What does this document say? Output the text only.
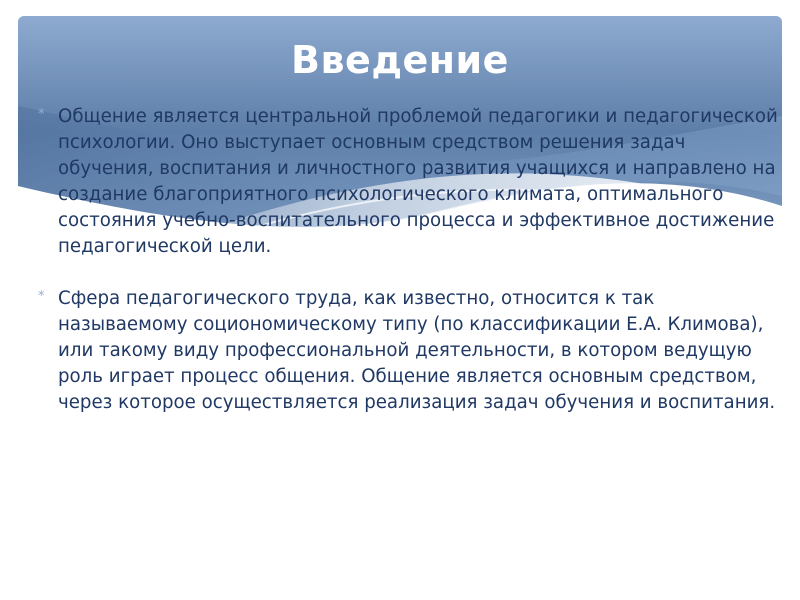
Введение

* Общение является центральной проблемой педагогики и педагогической психологии. Оно выступает основным средством решения задач обучения, воспитания и личностного развития учащихся и направлено на создание благоприятного психологического климата, оптимального состояния учебно-воспитательного процесса и эффективное достижение педагогической цели.

* Сфера педагогического труда, как известно, относится к так называемому социономическому типу (по классификации Е.А. Климова), или такому виду профессиональной деятельности, в котором ведущую роль играет процесс общения. Общение является основным средством, через которое осуществляется реализация задач обучения и воспитания.
